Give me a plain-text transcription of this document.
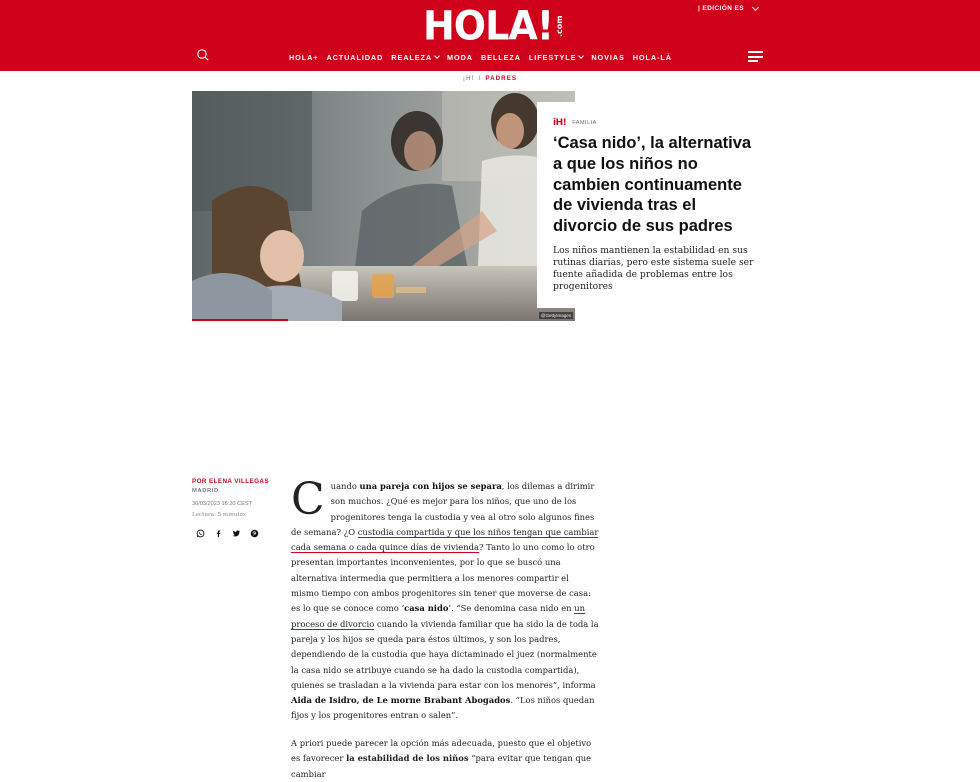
HOLA! .com
| EDICIÓN ES
HOLA+ ACTUALIDAD REALEZA MODA BELLEZA LIFESTYLE NOVIAS HOLA-LÀ
¡H! / PADRES
@GettyImages
iH! FAMILIA
‘Casa nido’, la alternativa a que los niños no cambien continuamente de vivienda tras el divorcio de sus padres

Los niños mantienen la estabilidad en sus rutinas diarias, pero este sistema suele ser fuente añadida de problemas entre los progenitores

POR ELENA VILLEGAS
MADRID
30/03/2023 16:20 CEST
Lectura: 5 minutos	C uando una pareja con hijos se separa, los dilemas a dirimir son muchos. ¿Qué es mejor para los niños, que uno de los progenitores tenga la custodia y vea al otro solo algunos fines de semana? ¿O custodia compartida y que los niños tengan que cambiar cada semana o cada quince días de vivienda? Tanto lo uno como lo otro presentan importantes inconvenientes, por lo que se buscó una alternativa intermedia que permitiera a los menores compartir el mismo tiempo con ambos progenitores sin tener que moverse de casa: es lo que se conoce como ‘casa nido’. “Se denomina casa nido en un proceso de divorcio cuando la vivienda familiar que ha sido la de toda la pareja y los hijos se queda para éstos últimos, y son los padres, dependiendo de la custodia que haya dictaminado el juez (normalmente la casa nido se atribuye cuando se ha dado la custodia compartida), quienes se trasladan a la vivienda para estar con los menores”, informa Aida de Isidro, de Le morne Brabant Abogados. “Los niños quedan fijos y los progenitores entran o salen”.

A priori puede parecer la opción más adecuada, puesto que el objetivo es favorecer la estabilidad de los niños “para evitar que tengan que cambiar
